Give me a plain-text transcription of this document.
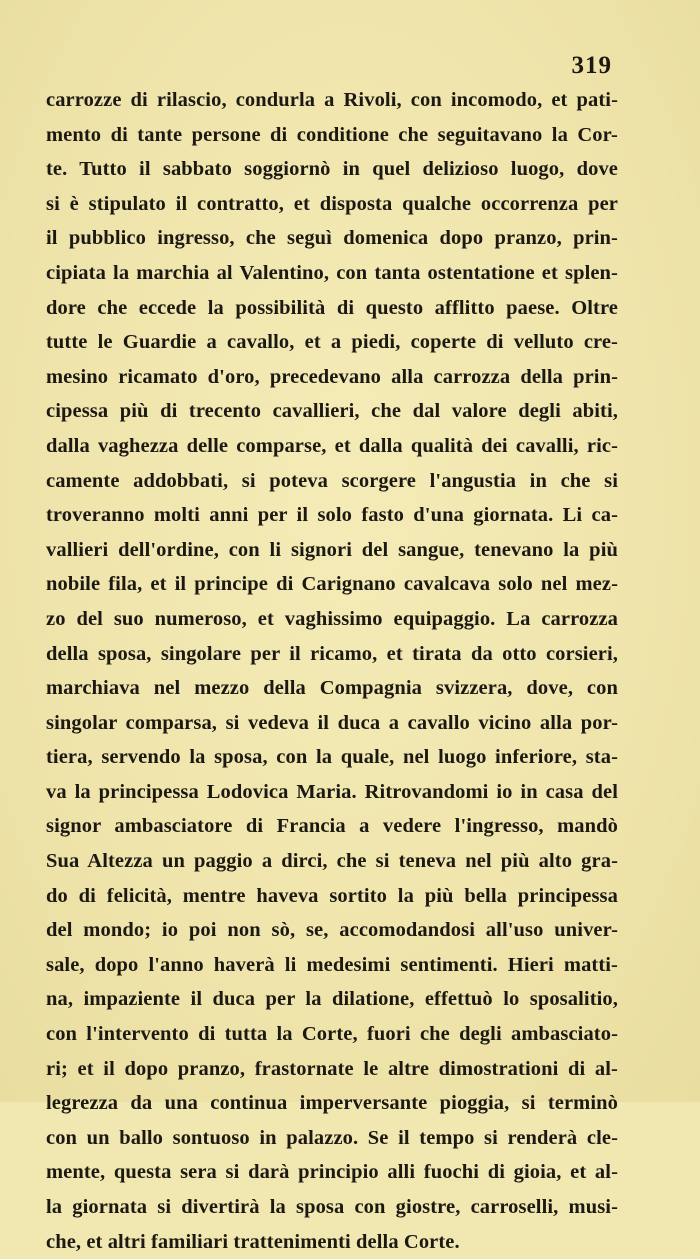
319
carrozze di rilascio, condurla a Rivoli, con incomodo, et pati-
mento di tante persone di conditione che seguitavano la Cor-
te. Tutto il sabbato soggiornò in quel delizioso luogo, dove
si è stipulato il contratto, et disposta qualche occorrenza per
il pubblico ingresso, che seguì domenica dopo pranzo, prin-
cipiata la marchia al Valentino, con tanta ostentatione et splen-
dore che eccede la possibilità di questo afflitto paese. Oltre
tutte le Guardie a cavallo, et a piedi, coperte di velluto cre-
mesino ricamato d'oro, precedevano alla carrozza della prin-
cipessa più di trecento cavallieri, che dal valore degli abiti,
dalla vaghezza delle comparse, et dalla qualità dei cavalli, ric-
camente addobbati, si poteva scorgere l'angustia in che si
troveranno molti anni per il solo fasto d'una giornata. Li ca-
vallieri dell'ordine, con li signori del sangue, tenevano la più
nobile fila, et il principe di Carignano cavalcava solo nel mez-
zo del suo numeroso, et vaghissimo equipaggio. La carrozza
della sposa, singolare per il ricamo, et tirata da otto corsieri,
marchiava nel mezzo della Compagnia svizzera, dove, con
singolar comparsa, si vedeva il duca a cavallo vicino alla por-
tiera, servendo la sposa, con la quale, nel luogo inferiore, sta-
va la principessa Lodovica Maria. Ritrovandomi io in casa del
signor ambasciatore di Francia a vedere l'ingresso, mandò
Sua Altezza un paggio a dirci, che si teneva nel più alto gra-
do di felicità, mentre haveva sortito la più bella principessa
del mondo; io poi non sò, se, accomodandosi all'uso univer-
sale, dopo l'anno haverà li medesimi sentimenti. Hieri matti-
na, impaziente il duca per la dilatione, effettuò lo sposalitio,
con l'intervento di tutta la Corte, fuori che degli ambasciato-
ri; et il dopo pranzo, frastornate le altre dimostrationi di al-
legrezza da una continua imperversante pioggia, si terminò
con un ballo sontuoso in palazzo. Se il tempo si renderà cle-
mente, questa sera si darà principio alli fuochi di gioia, et al-
la giornata si divertirà la sposa con giostre, carroselli, musi-
che, et altri familiari trattenimenti della Corte.
